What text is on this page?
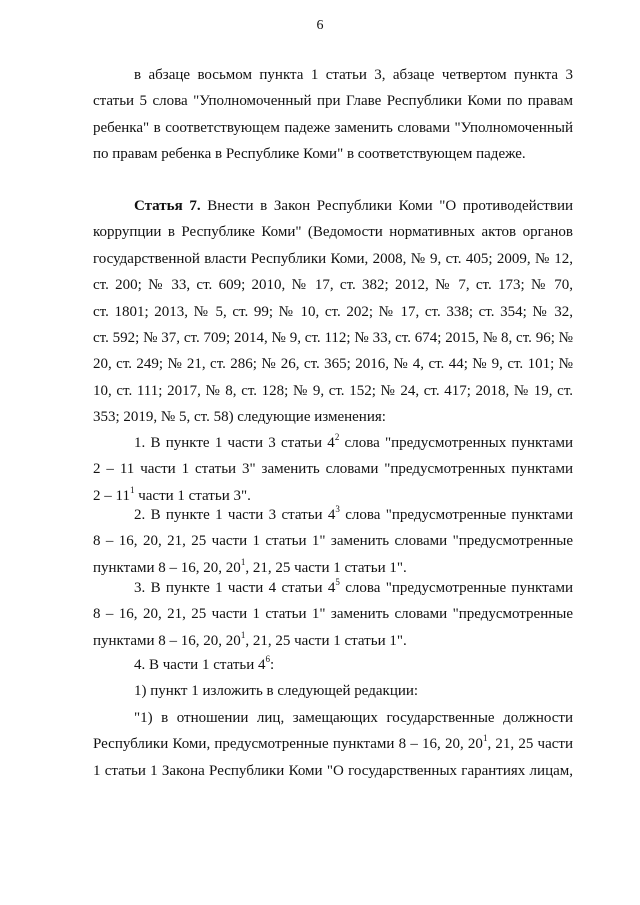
6

в абзаце восьмом пункта 1 статьи 3, абзаце четвертом пункта 3
статьи 5 слова "Уполномоченный при Главе Республики Коми по правам
ребенка" в соответствующем падеже заменить словами "Уполномоченный
по правам ребенка в Республике Коми" в соответствующем падеже.

Статья 7. Внести в Закон Республики Коми "О противодействии
коррупции в Республике Коми" (Ведомости нормативных актов органов
государственной власти Республики Коми, 2008, № 9, ст. 405; 2009, № 12,
ст. 200; № 33, ст. 609; 2010, № 17, ст. 382; 2012, № 7, ст. 173; № 70,
ст. 1801; 2013, № 5, ст. 99; № 10, ст. 202; № 17, ст. 338; ст. 354; № 32,
ст. 592; № 37, ст. 709; 2014, № 9, ст. 112; № 33, ст. 674; 2015, № 8, ст. 96; №
20, ст. 249; № 21, ст. 286; № 26, ст. 365; 2016, № 4, ст. 44; № 9, ст. 101; №
10, ст. 111; 2017, № 8, ст. 128; № 9, ст. 152; № 24, ст. 417; 2018, № 19, ст.
353; 2019, № 5, ст. 58) следующие изменения:

1. В пункте 1 части 3 статьи $4^2$ слова "предусмотренных пунктами
2 – 11 части 1 статьи 3" заменить словами "предусмотренных пунктами
$2 - 11^1$ части 1 статьи 3".

2. В пункте 1 части 3 статьи $4^3$ слова "предусмотренные пунктами
8 – 16, 20, 21, 25 части 1 статьи 1" заменить словами "предусмотренные
пунктами 8 – 16, 20, $20^1$, 21, 25 части 1 статьи 1".

3. В пункте 1 части 4 статьи $4^5$ слова "предусмотренные пунктами
8 – 16, 20, 21, 25 части 1 статьи 1" заменить словами "предусмотренные
пунктами 8 – 16, 20, $20^1$, 21, 25 части 1 статьи 1".

4. В части 1 статьи $4^6$:
1) пункт 1 изложить в следующей редакции:

"1) в отношении лиц, замещающих государственные должности
Республики Коми, предусмотренные пунктами 8 – 16, 20, $20^1$, 21, 25 части
1 статьи 1 Закона Республики Коми "О государственных гарантиях лицам,
